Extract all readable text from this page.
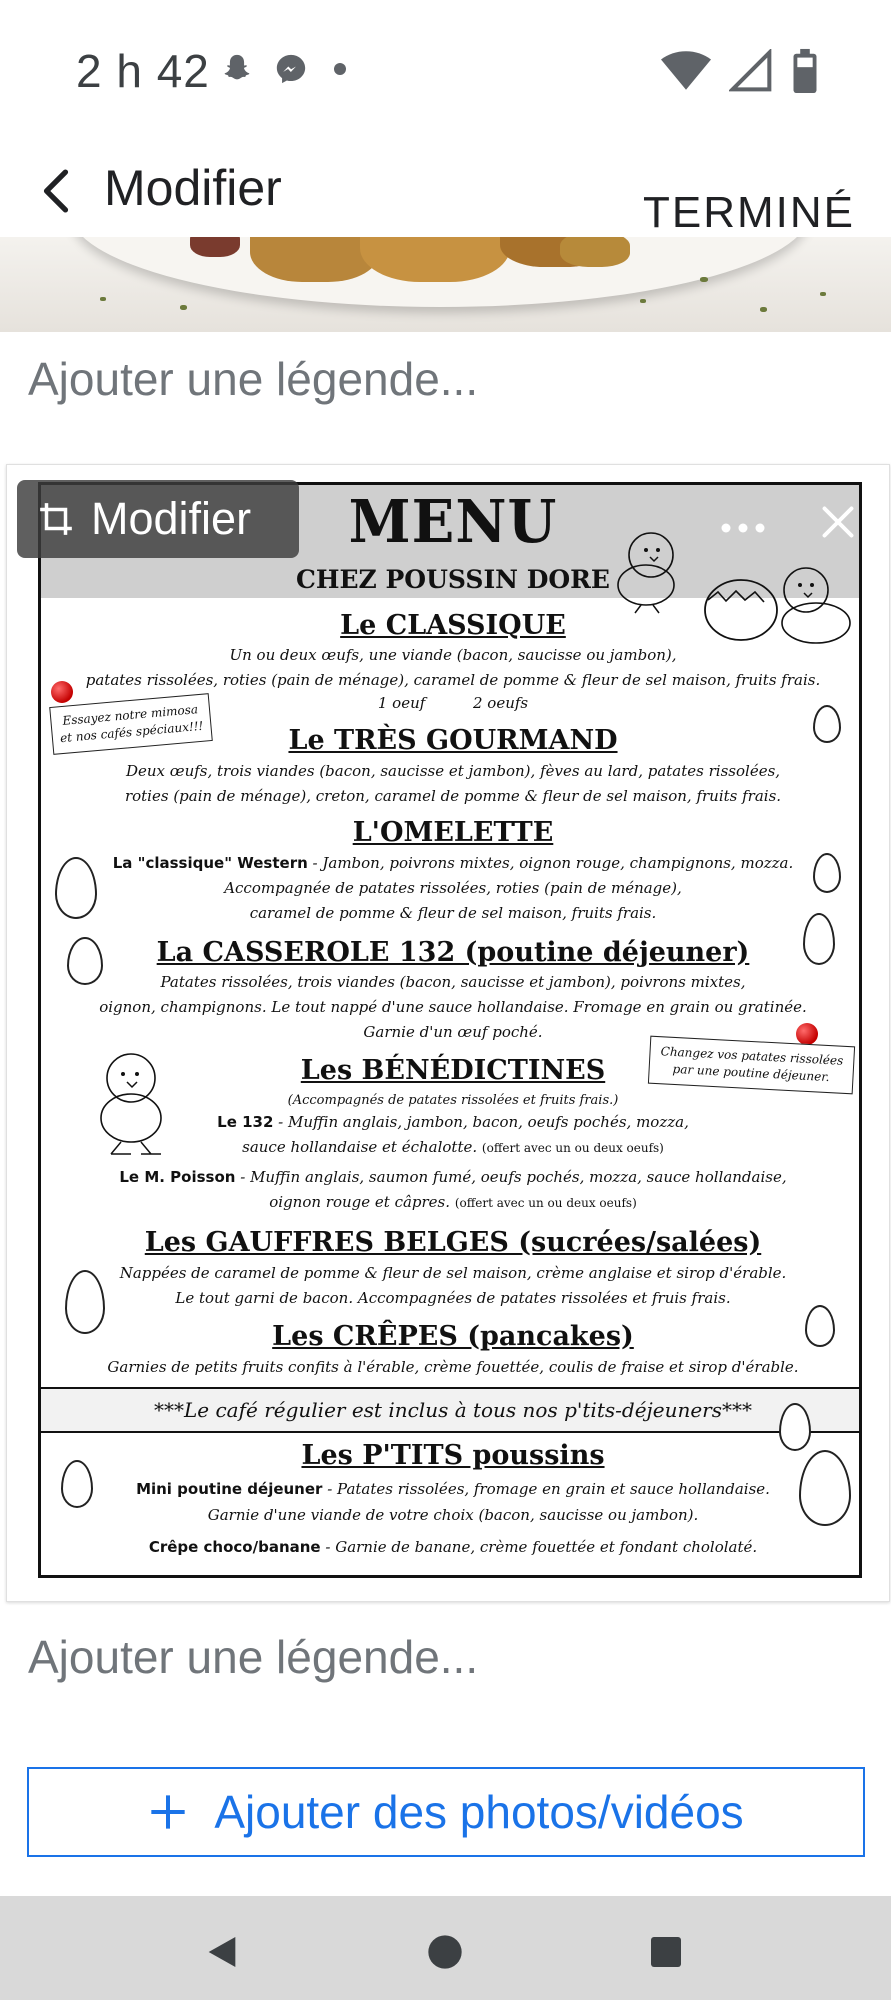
2 h 42
Modifier	TERMINÉ
Ajouter une légende...
MENU
CHEZ POUSSIN DORE
Le CLASSIQUE
Un ou deux œufs, une viande (bacon, saucisse ou jambon),
patates rissolées, roties (pain de ménage), caramel de pomme & fleur de sel maison, fruits frais.
1 oeuf          2 oeufs
Essayez notre mimosa et nos cafés spéciaux!!!	Le TRÈS GOURMAND
Deux œufs, trois viandes (bacon, saucisse et jambon), fèves au lard, patates rissolées,
roties (pain de ménage), creton, caramel de pomme & fleur de sel maison, fruits frais.
L'OMELETTE
La "classique" Western - Jambon, poivrons mixtes, oignon rouge, champignons, mozza.
Accompagnée de patates rissolées, roties (pain de ménage),
caramel de pomme & fleur de sel maison, fruits frais.
La CASSEROLE 132 (poutine déjeuner)
Patates rissolées, trois viandes (bacon, saucisse et jambon), poivrons mixtes,
oignon, champignons. Le tout nappé d'une sauce hollandaise. Fromage en grain ou gratinée.
Garnie d'un œuf poché.
Changez vos patates rissolées par une poutine déjeuner.
Les BÉNÉDICTINES
(Accompagnés de patates rissolées et fruits frais.)
Le 132 - Muffin anglais, jambon, bacon, oeufs pochés, mozza,
sauce hollandaise et échalotte. (offert avec un ou deux oeufs)
Le M. Poisson - Muffin anglais, saumon fumé, oeufs pochés, mozza, sauce hollandaise,
oignon rouge et câpres. (offert avec un ou deux oeufs)
Les GAUFFRES BELGES (sucrées/salées)
Nappées de caramel de pomme & fleur de sel maison, crème anglaise et sirop d'érable.
Le tout garni de bacon. Accompagnées de patates rissolées et fruis frais.
Les CRÊPES (pancakes)
Garnies de petits fruits confits à l'érable, crème fouettée, coulis de fraise et sirop d'érable.
***Le café régulier est inclus à tous nos p'tits-déjeuners***
Les P'TITS poussins
Mini poutine déjeuner - Patates rissolées, fromage en grain et sauce hollandaise.
Garnie d'une viande de votre choix (bacon, saucisse ou jambon).
Crêpe choco/banane - Garnie de banane, crème fouettée et fondant chololaté.
Modifier
Ajouter une légende...
Ajouter des photos/vidéos
